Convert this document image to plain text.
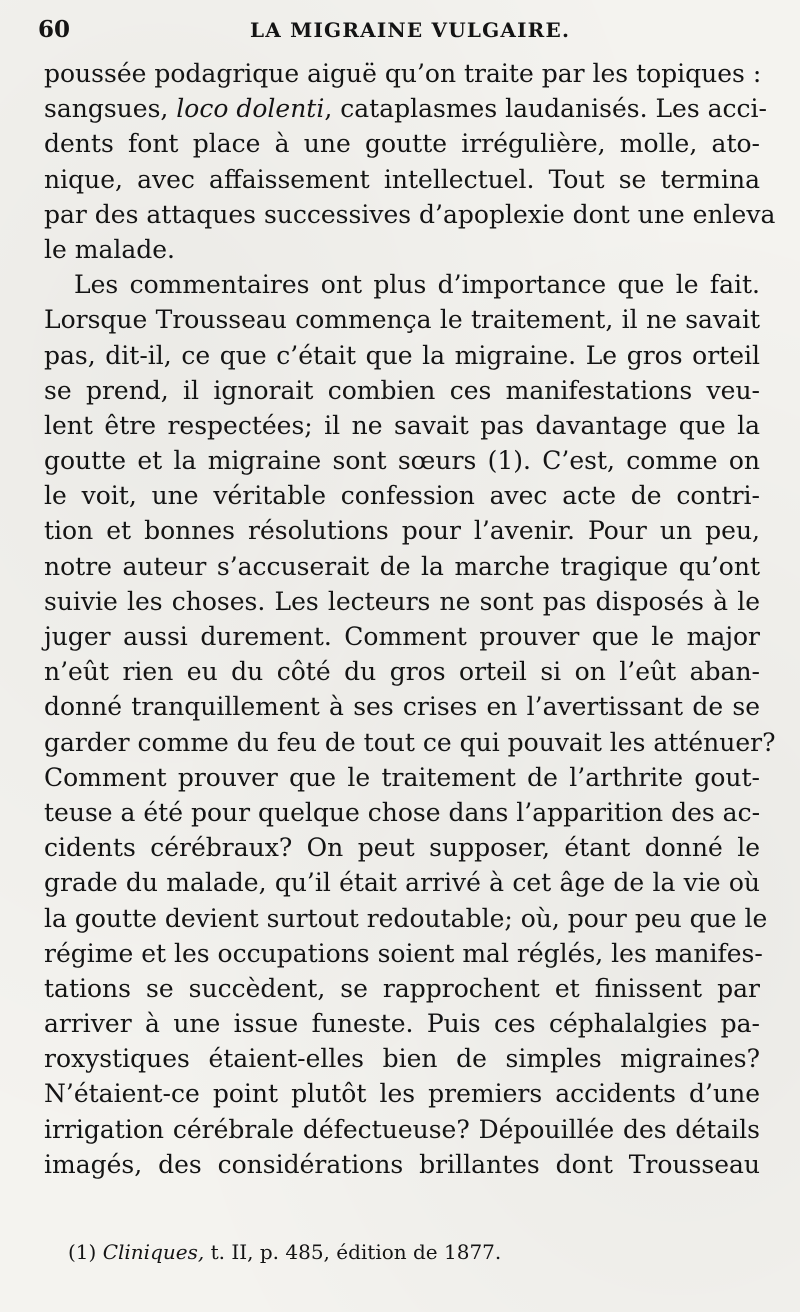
60	LA MIGRAINE VULGAIRE.
poussée podagrique aiguë qu’on traite par les topiques :
sangsues, loco dolenti, cataplasmes laudanisés. Les acci-
dents font place à une goutte irrégulière, molle, ato-
nique, avec affaissement intellectuel. Tout se termina
par des attaques successives d’apoplexie dont une enleva
le malade.
Les commentaires ont plus d’importance que le fait.
Lorsque Trousseau commença le traitement, il ne savait
pas, dit-il, ce que c’était que la migraine. Le gros orteil
se prend, il ignorait combien ces manifestations veu-
lent être respectées; il ne savait pas davantage que la
goutte et la migraine sont sœurs (1). C’est, comme on
le voit, une véritable confession avec acte de contri-
tion et bonnes résolutions pour l’avenir. Pour un peu,
notre auteur s’accuserait de la marche tragique qu’ont
suivie les choses. Les lecteurs ne sont pas disposés à le
juger aussi durement. Comment prouver que le major
n’eût rien eu du côté du gros orteil si on l’eût aban-
donné tranquillement à ses crises en l’avertissant de se
garder comme du feu de tout ce qui pouvait les atténuer?
Comment prouver que le traitement de l’arthrite gout-
teuse a été pour quelque chose dans l’apparition des ac-
cidents cérébraux? On peut supposer, étant donné le
grade du malade, qu’il était arrivé à cet âge de la vie où
la goutte devient surtout redoutable; où, pour peu que le
régime et les occupations soient mal réglés, les manifes-
tations se succèdent, se rapprochent et finissent par
arriver à une issue funeste. Puis ces céphalalgies pa-
roxystiques étaient-elles bien de simples migraines?
N’étaient-ce point plutôt les premiers accidents d’une
irrigation cérébrale défectueuse? Dépouillée des détails
imagés, des considérations brillantes dont Trousseau
(1) Cliniques, t. II, p. 485, édition de 1877.
